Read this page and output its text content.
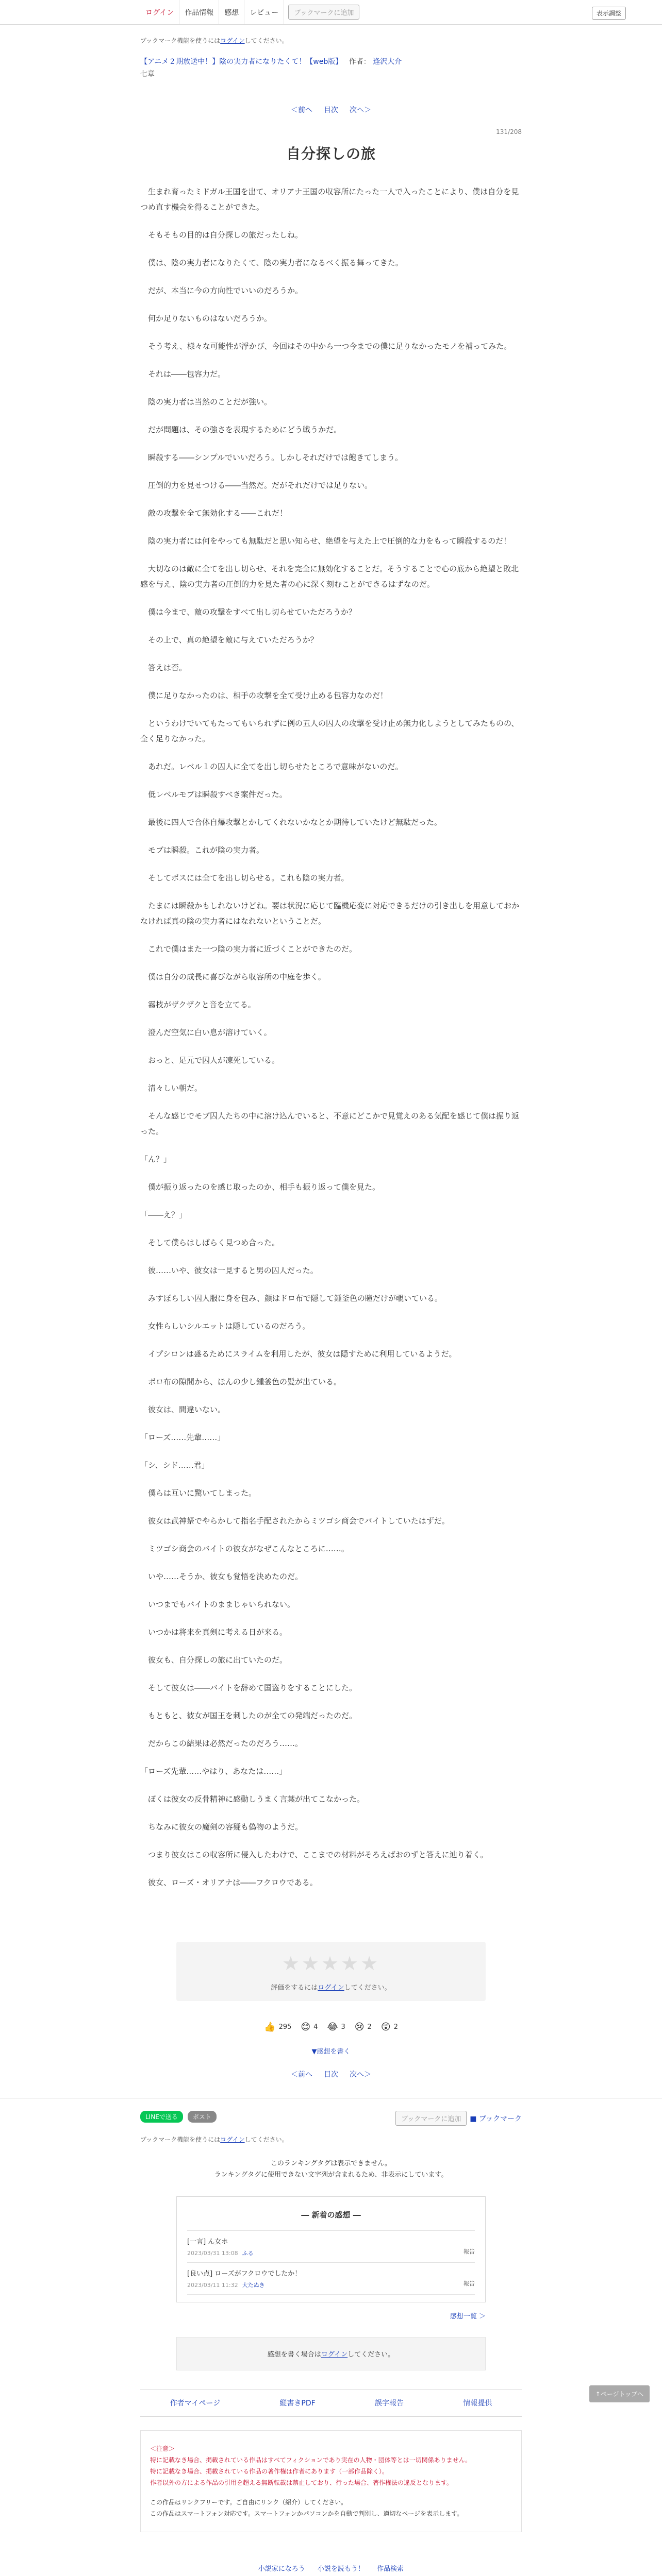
ログイン	作品情報	感想	レビュー	ブックマークに追加	表示調整
ブックマーク機能を使うにはログインしてください。
【アニメ２期放送中！】陰の実力者になりたくて！【web版】 作者： 逢沢大介
七章
＜前へ 目次 次へ＞
131/208
自分探しの旅

　生まれ育ったミドガル王国を出て、オリアナ王国の収容所にたった一人で入ったことにより、僕は自分を見つめ直す機会を得ることができた。

　そもそもの目的は自分探しの旅だったしね。

　僕は、陰の実力者になりたくて、陰の実力者になるべく振る舞ってきた。

　だが、本当に今の方向性でいいのだろうか。

　何か足りないものはないだろうか。

　そう考え、様々な可能性が浮かび、今回はその中から一つ今までの僕に足りなかったモノを補ってみた。

　それは――包容力だ。

　陰の実力者は当然のことだが強い。

　だが問題は、その強さを表現するためにどう戦うかだ。

　瞬殺する――シンプルでいいだろう。しかしそれだけでは飽きてしまう。

　圧倒的力を見せつける――当然だ。だがそれだけでは足りない。

　敵の攻撃を全て無効化する――これだ！

　陰の実力者には何をやっても無駄だと思い知らせ、絶望を与えた上で圧倒的な力をもって瞬殺するのだ！

　大切なのは敵に全てを出し切らせ、それを完全に無効化することだ。そうすることで心の底から絶望と敗北感を与え、陰の実力者の圧倒的力を見た者の心に深く刻むことができるはずなのだ。

　僕は今まで、敵の攻撃をすべて出し切らせていただろうか？

　その上で、真の絶望を敵に与えていただろうか？

　答えは否。

　僕に足りなかったのは、相手の攻撃を全て受け止める包容力なのだ！

　というわけでいてもたってもいられずに例の五人の囚人の攻撃を受け止め無力化しようとしてみたものの、全く足りなかった。

　あれだ。レベル１の囚人に全てを出し切らせたところで意味がないのだ。

　低レベルモブは瞬殺すべき案件だった。

　最後に四人で合体自爆攻撃とかしてくれないかなとか期待していたけど無駄だった。

　モブは瞬殺。これが陰の実力者。

　そしてボスには全てを出し切らせる。これも陰の実力者。

　たまには瞬殺かもしれないけどね。要は状況に応じて臨機応変に対応できるだけの引き出しを用意しておかなければ真の陰の実力者にはなれないということだ。

　これで僕はまた一つ陰の実力者に近づくことができたのだ。

　僕は自分の成長に喜びながら収容所の中庭を歩く。

　霧枝がザクザクと音を立てる。

　澄んだ空気に白い息が溶けていく。

　おっと、足元で囚人が凍死している。

　清々しい朝だ。

　そんな感じでモブ囚人たちの中に溶け込んでいると、不意にどこかで見覚えのある気配を感じて僕は振り返った。

「ん？」

　僕が振り返ったのを感じ取ったのか、相手も振り返って僕を見た。

「――え？」

　そして僕らはしばらく見つめ合った。

　彼……いや、彼女は一見すると男の囚人だった。

　みすぼらしい囚人服に身を包み、顔はドロ布で隠して鍾釜色の瞳だけが覗いている。

　女性らしいシルエットは隠しているのだろう。

　イプシロンは盛るためにスライムを利用したが、彼女は隠すために利用しているようだ。

　ボロ布の隙間から、ほんの少し鍾釜色の髪が出ている。

　彼女は、間違いない。

「ローズ……先輩……」

「シ、シド……君」

　僕らは互いに驚いてしまった。

　彼女は武神祭でやらかして指名手配されたからミツゴシ商会でバイトしていたはずだ。

　ミツゴシ商会のバイトの彼女がなぜこんなところに……。

　いや……そうか、彼女も覚悟を決めたのだ。

　いつまでもバイトのままじゃいられない。

　いつかは将来を真剣に考える日が来る。

　彼女も、自分探しの旅に出ていたのだ。

　そして彼女は――バイトを辞めて国盗りをすることにした。

　もともと、彼女が国王を刺したのが全ての発端だったのだ。

　だからこの結果は必然だったのだろう……。

「ローズ先輩……やはり、あなたは……」

　ぼくは彼女の反骨精神に感動しうまく言葉が出てこなかった。

　ちなみに彼女の魔剣の容疑も偽物のようだ。

　つまり彼女はこの収容所に侵入したわけで、ここまでの材料がそろえばおのずと答えに辿り着く。

　彼女、ローズ・オリアナは――フクロウである。

★★★★★
評価をするにはログインしてください。
👍 295 😊 4 😂 3 😢 2 😲 2
▼感想を書く
＜前へ 目次 次へ＞
LINEで送る ポスト	ブックマークに追加	■ ブックマーク
ブックマーク機能を使うにはログインしてください。
このランキングタグは表示できません。
ランキングタグに使用できない文字列が含まれるため、非表示にしています。
― 新着の感想 ―
[一言] ん女ホ
2023/03/31 13:08 ふる	報告
[良い点] ローズがフクロウでしたか！
2023/03/11 11:32 大たぬき	報告
感想一覧 ＞
感想を書く場合はログインしてください。
作者マイページ	縦書きPDF	誤字報告	情報提供
＜注意＞
特に記載なき場合、掲載されている作品はすべてフィクションであり実在の人物・団体等とは一切関係ありません。
特に記載なき場合、掲載されている作品の著作権は作者にあります（一部作品除く）。
作者以外の方による作品の引用を超える無断転載は禁止しており、行った場合、著作権法の違反となります。
この作品はリンクフリーです。ご自由にリンク（紹介）してください。
この作品はスマートフォン対応です。スマートフォンかパソコンかを自動で判別し、適切なページを表示します。
小説家になろう 小説を読もう！ 作品検索
↑ページトップへ
